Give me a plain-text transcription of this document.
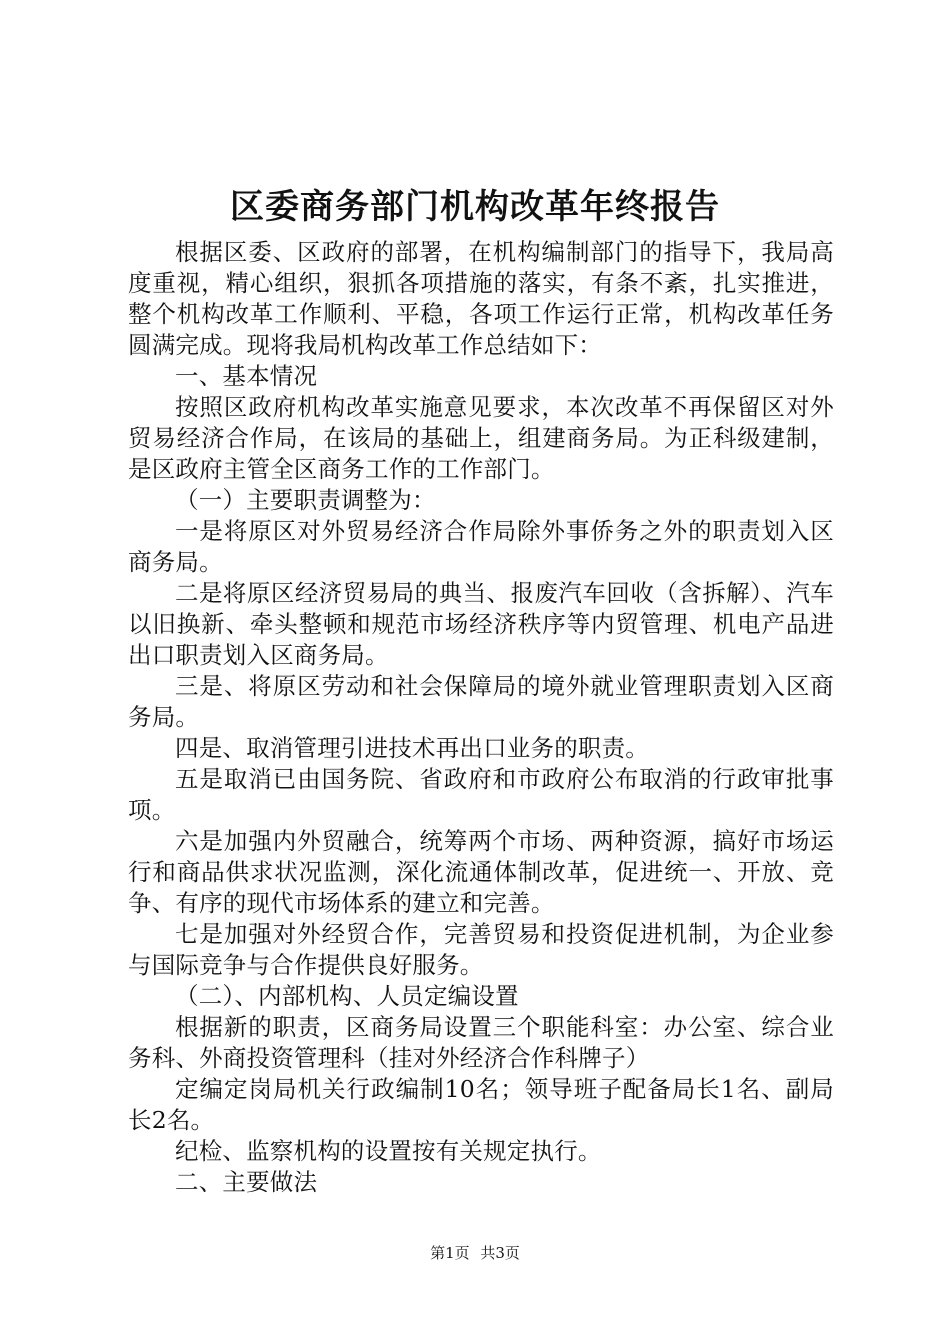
区委商务部门机构改革年终报告

根据区委、区政府的部署，在机构编制部门的指导下，我局高度重视，精心组织，狠抓各项措施的落实，有条不紊，扎实推进，整个机构改革工作顺利、平稳，各项工作运行正常，机构改革任务圆满完成。现将我局机构改革工作总结如下：

一、基本情况

按照区政府机构改革实施意见要求，本次改革不再保留区对外贸易经济合作局，在该局的基础上，组建商务局。为正科级建制，是区政府主管全区商务工作的工作部门。

（一）主要职责调整为：

一是将原区对外贸易经济合作局除外事侨务之外的职责划入区商务局。

二是将原区经济贸易局的典当、报废汽车回收（含拆解）、汽车以旧换新、牵头整顿和规范市场经济秩序等内贸管理、机电产品进出口职责划入区商务局。

三是、将原区劳动和社会保障局的境外就业管理职责划入区商务局。

四是、取消管理引进技术再出口业务的职责。

五是取消已由国务院、省政府和市政府公布取消的行政审批事项。

六是加强内外贸融合，统筹两个市场、两种资源，搞好市场运行和商品供求状况监测，深化流通体制改革，促进统一、开放、竞争、有序的现代市场体系的建立和完善。

七是加强对外经贸合作，完善贸易和投资促进机制，为企业参与国际竞争与合作提供良好服务。

（二）、内部机构、人员定编设置

根据新的职责，区商务局设置三个职能科室：办公室、综合业务科、外商投资管理科（挂对外经济合作科牌子）

定编定岗局机关行政编制10名；领导班子配备局长1名、副局长2名。

纪检、监察机构的设置按有关规定执行。

二、主要做法

第1页 共3页
